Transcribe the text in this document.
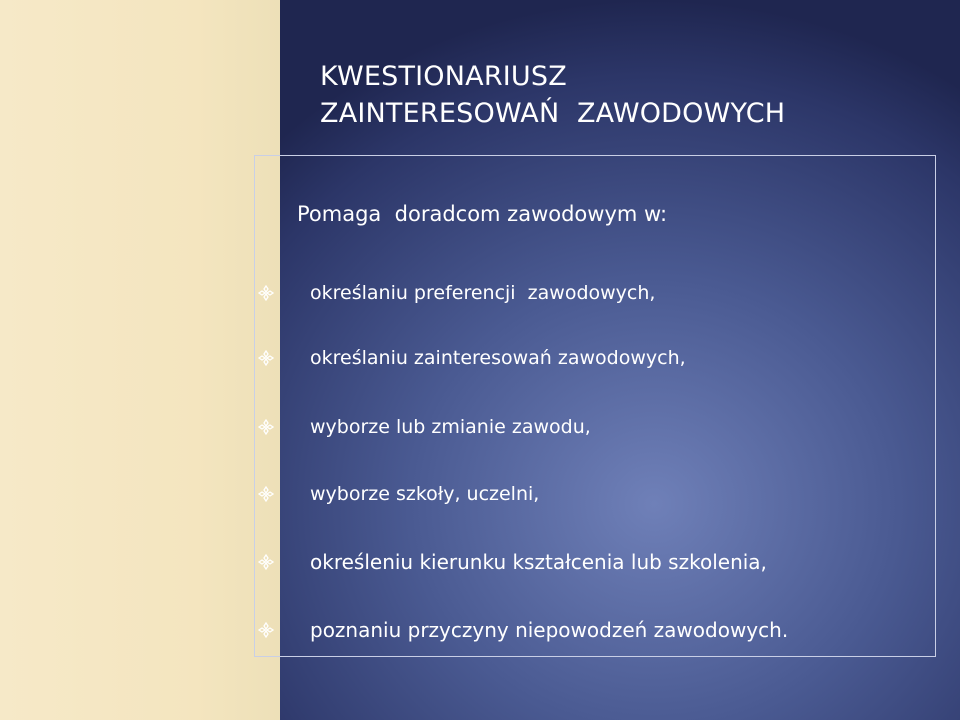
KWESTIONARIUSZ
ZAINTERESOWAŃ  ZAWODOWYCH
Pomaga  doradcom zawodowym w:
określaniu preferencji  zawodowych,
określaniu zainteresowań zawodowych,
wyborze lub zmianie zawodu,
wyborze szkoły, uczelni,
określeniu kierunku kształcenia lub szkolenia,
poznaniu przyczyny niepowodzeń zawodowych.
